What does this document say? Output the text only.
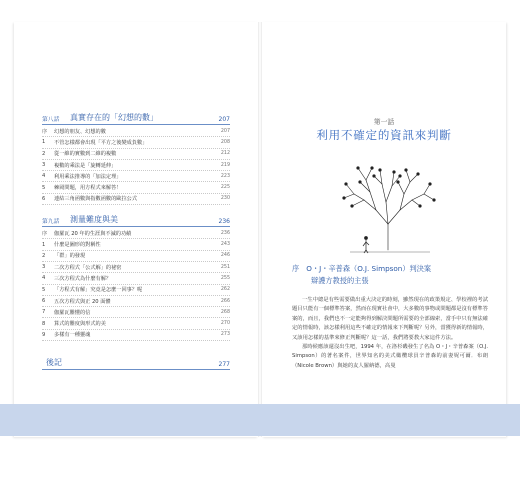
第八話	真實存在的「幻想的數」	207
序	幻想的朋友、幻想的數	207
1	不管怎樣都會出現「平方之後變成負數」	208
2	從一維的實數到二維的複數	212
3	複數的乘法是「旋轉延伸」	219
4	利用乘法推導的「加法定理」	223
5	棘岡問題，用方程式來解答！	225
6	連結三角函數與指數函數的歐拉公式	230
第九話	測量難度與美	236
序	伽羅瓦 20 年的生涯與不滅的功績	236
1	什麼是圖形的對稱性	243
2	「群」的發現	246
3	二次方程式「公式解」的祕密	251
4	三次方程式為什麼有解？	255
5	「方程式有解」究竟是怎麼一回事？呢	262
6	五次方程式與正 20 面體	266
7	伽羅瓦難懂的信	268
8	算式的難度與形式的美	270
9	多樣有一種靈魂	273
後記	277
第一話
利用不確定的資訊來判斷
序 O・J・辛普森（O.J. Simpson）判決案
辯護方教授的主張

一生中總是有些需要做出重大決定的時刻，雖然現在的政策規定、學校裡的考試題目只能有一個標準答案，然而在現實社會中，大多數的事物或問題都是沒有標準答案的，而且，我們也不一定能夠得到解決問題所需要的全部線索，當手中只有無法確定的情報時，該怎樣利用這些不確定的情報來下判斷呢？另外，當獲得新的情報時，又該用怎樣的基準來修正判斷呢？這一話，我們將要教大家這件方法。

那時候應該還沒出生吧，1994 年，在洛杉磯發生了名為 O・J・辛普森案（O.J. Simpson）的著名案件，世界知名的美式橄欖球員辛普森的前妻妮可爾．布朗（Nicole Brown）與她的友人羅納德，高曼
